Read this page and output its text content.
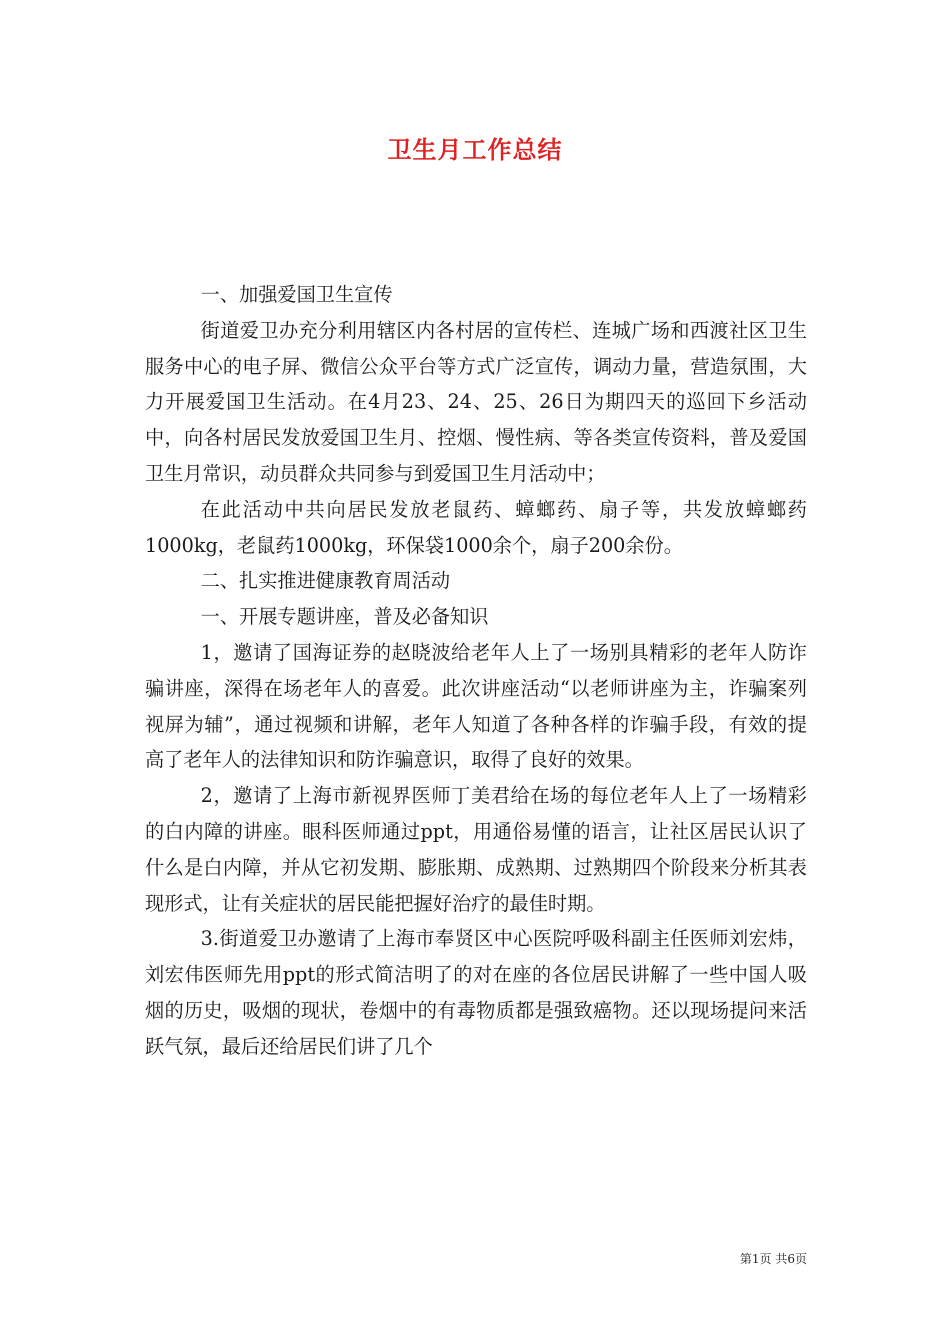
卫生月工作总结

一、加强爱国卫生宣传

街道爱卫办充分利用辖区内各村居的宣传栏、连城广场和西渡社区卫生服务中心的电子屏、微信公众平台等方式广泛宣传，调动力量，营造氛围，大力开展爱国卫生活动。在4月23、24、25、26日为期四天的巡回下乡活动中，向各村居民发放爱国卫生月、控烟、慢性病、等各类宣传资料，普及爱国卫生月常识，动员群众共同参与到爱国卫生月活动中；

在此活动中共向居民发放老鼠药、蟑螂药、扇子等，共发放蟑螂药1000kg，老鼠药1000kg，环保袋1000余个，扇子200余份。

二、扎实推进健康教育周活动

一、开展专题讲座，普及必备知识

1，邀请了国海证券的赵晓波给老年人上了一场别具精彩的老年人防诈骗讲座，深得在场老年人的喜爱。此次讲座活动“以老师讲座为主，诈骗案列视屏为辅”，通过视频和讲解，老年人知道了各种各样的诈骗手段，有效的提高了老年人的法律知识和防诈骗意识，取得了良好的效果。

2，邀请了上海市新视界医师丁美君给在场的每位老年人上了一场精彩的白内障的讲座。眼科医师通过ppt，用通俗易懂的语言，让社区居民认识了什么是白内障，并从它初发期、膨胀期、成熟期、过熟期四个阶段来分析其表现形式，让有关症状的居民能把握好治疗的最佳时期。

3.街道爱卫办邀请了上海市奉贤区中心医院呼吸科副主任医师刘宏炜，刘宏伟医师先用ppt的形式简洁明了的对在座的各位居民讲解了一些中国人吸烟的历史，吸烟的现状，卷烟中的有毒物质都是强致癌物。还以现场提问来活跃气氛，最后还给居民们讲了几个

第1页 共6页
